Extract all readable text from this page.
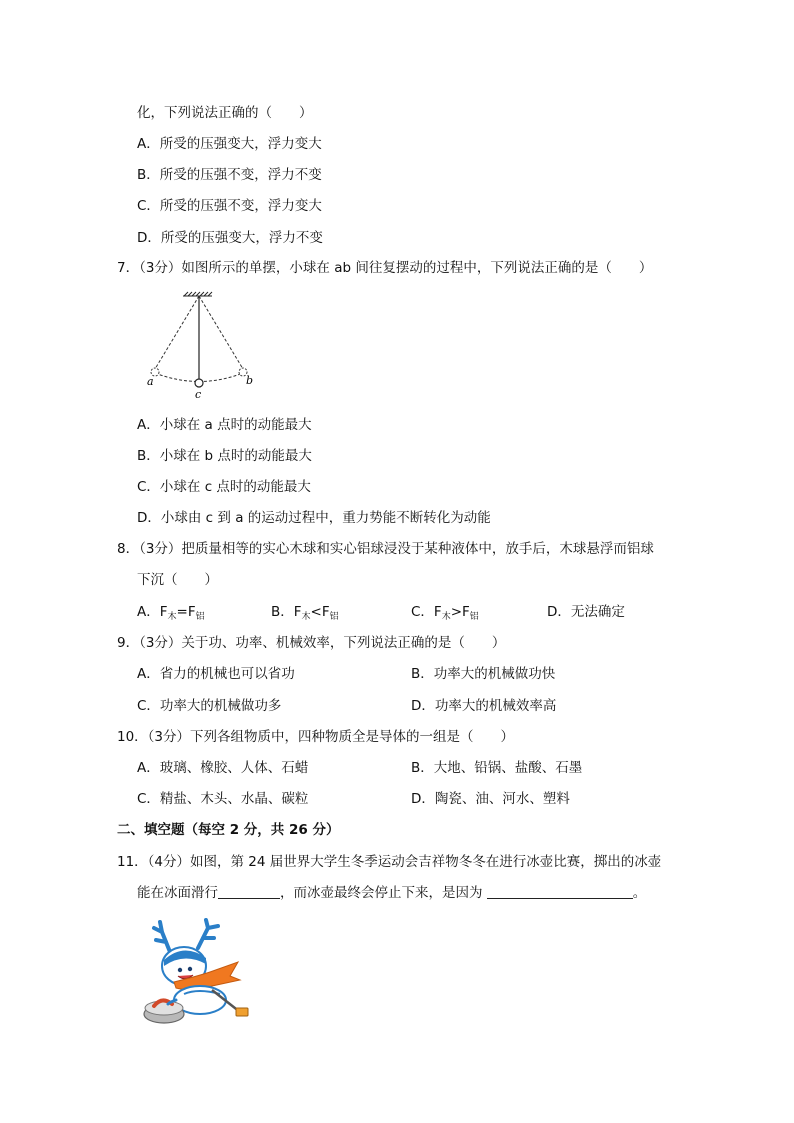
化，下列说法正确的（　　）
A．所受的压强变大，浮力变大
B．所受的压强不变，浮力不变
C．所受的压强不变，浮力变大
D．所受的压强变大，浮力不变
7．（3分）如图所示的单摆，小球在 ab 间往复摆动的过程中，下列说法正确的是（　　）
a	b
c
A．小球在 a 点时的动能最大
B．小球在 b 点时的动能最大
C．小球在 c 点时的动能最大
D．小球由 c 到 a 的运动过程中，重力势能不断转化为动能
8．（3分）把质量相等的实心木球和实心铝球浸没于某种液体中，放手后，木球悬浮而铝球
下沉（　　）
A．$F_木=F_铝$	B．$F_木<F_铝$	C．$F_木>F_铝$	D．无法确定
9．（3分）关于功、功率、机械效率，下列说法正确的是（　　）
A．省力的机械也可以省功	B．功率大的机械做功快
C．功率大的机械做功多	D．功率大的机械效率高
10．（3分）下列各组物质中，四种物质全是导体的一组是（　　）
A．玻璃、橡胶、人体、石蜡	B．大地、铅锅、盐酸、石墨
C．精盐、木头、水晶、碳粒	D．陶瓷、油、河水、塑料
二、填空题（每空 2 分，共 26 分）
11．（4分）如图，第 24 届世界大学生冬季运动会吉祥物冬冬在进行冰壶比赛，掷出的冰壶
能在冰面滑行	，而冰壶最终会停止下来，是因为	。
